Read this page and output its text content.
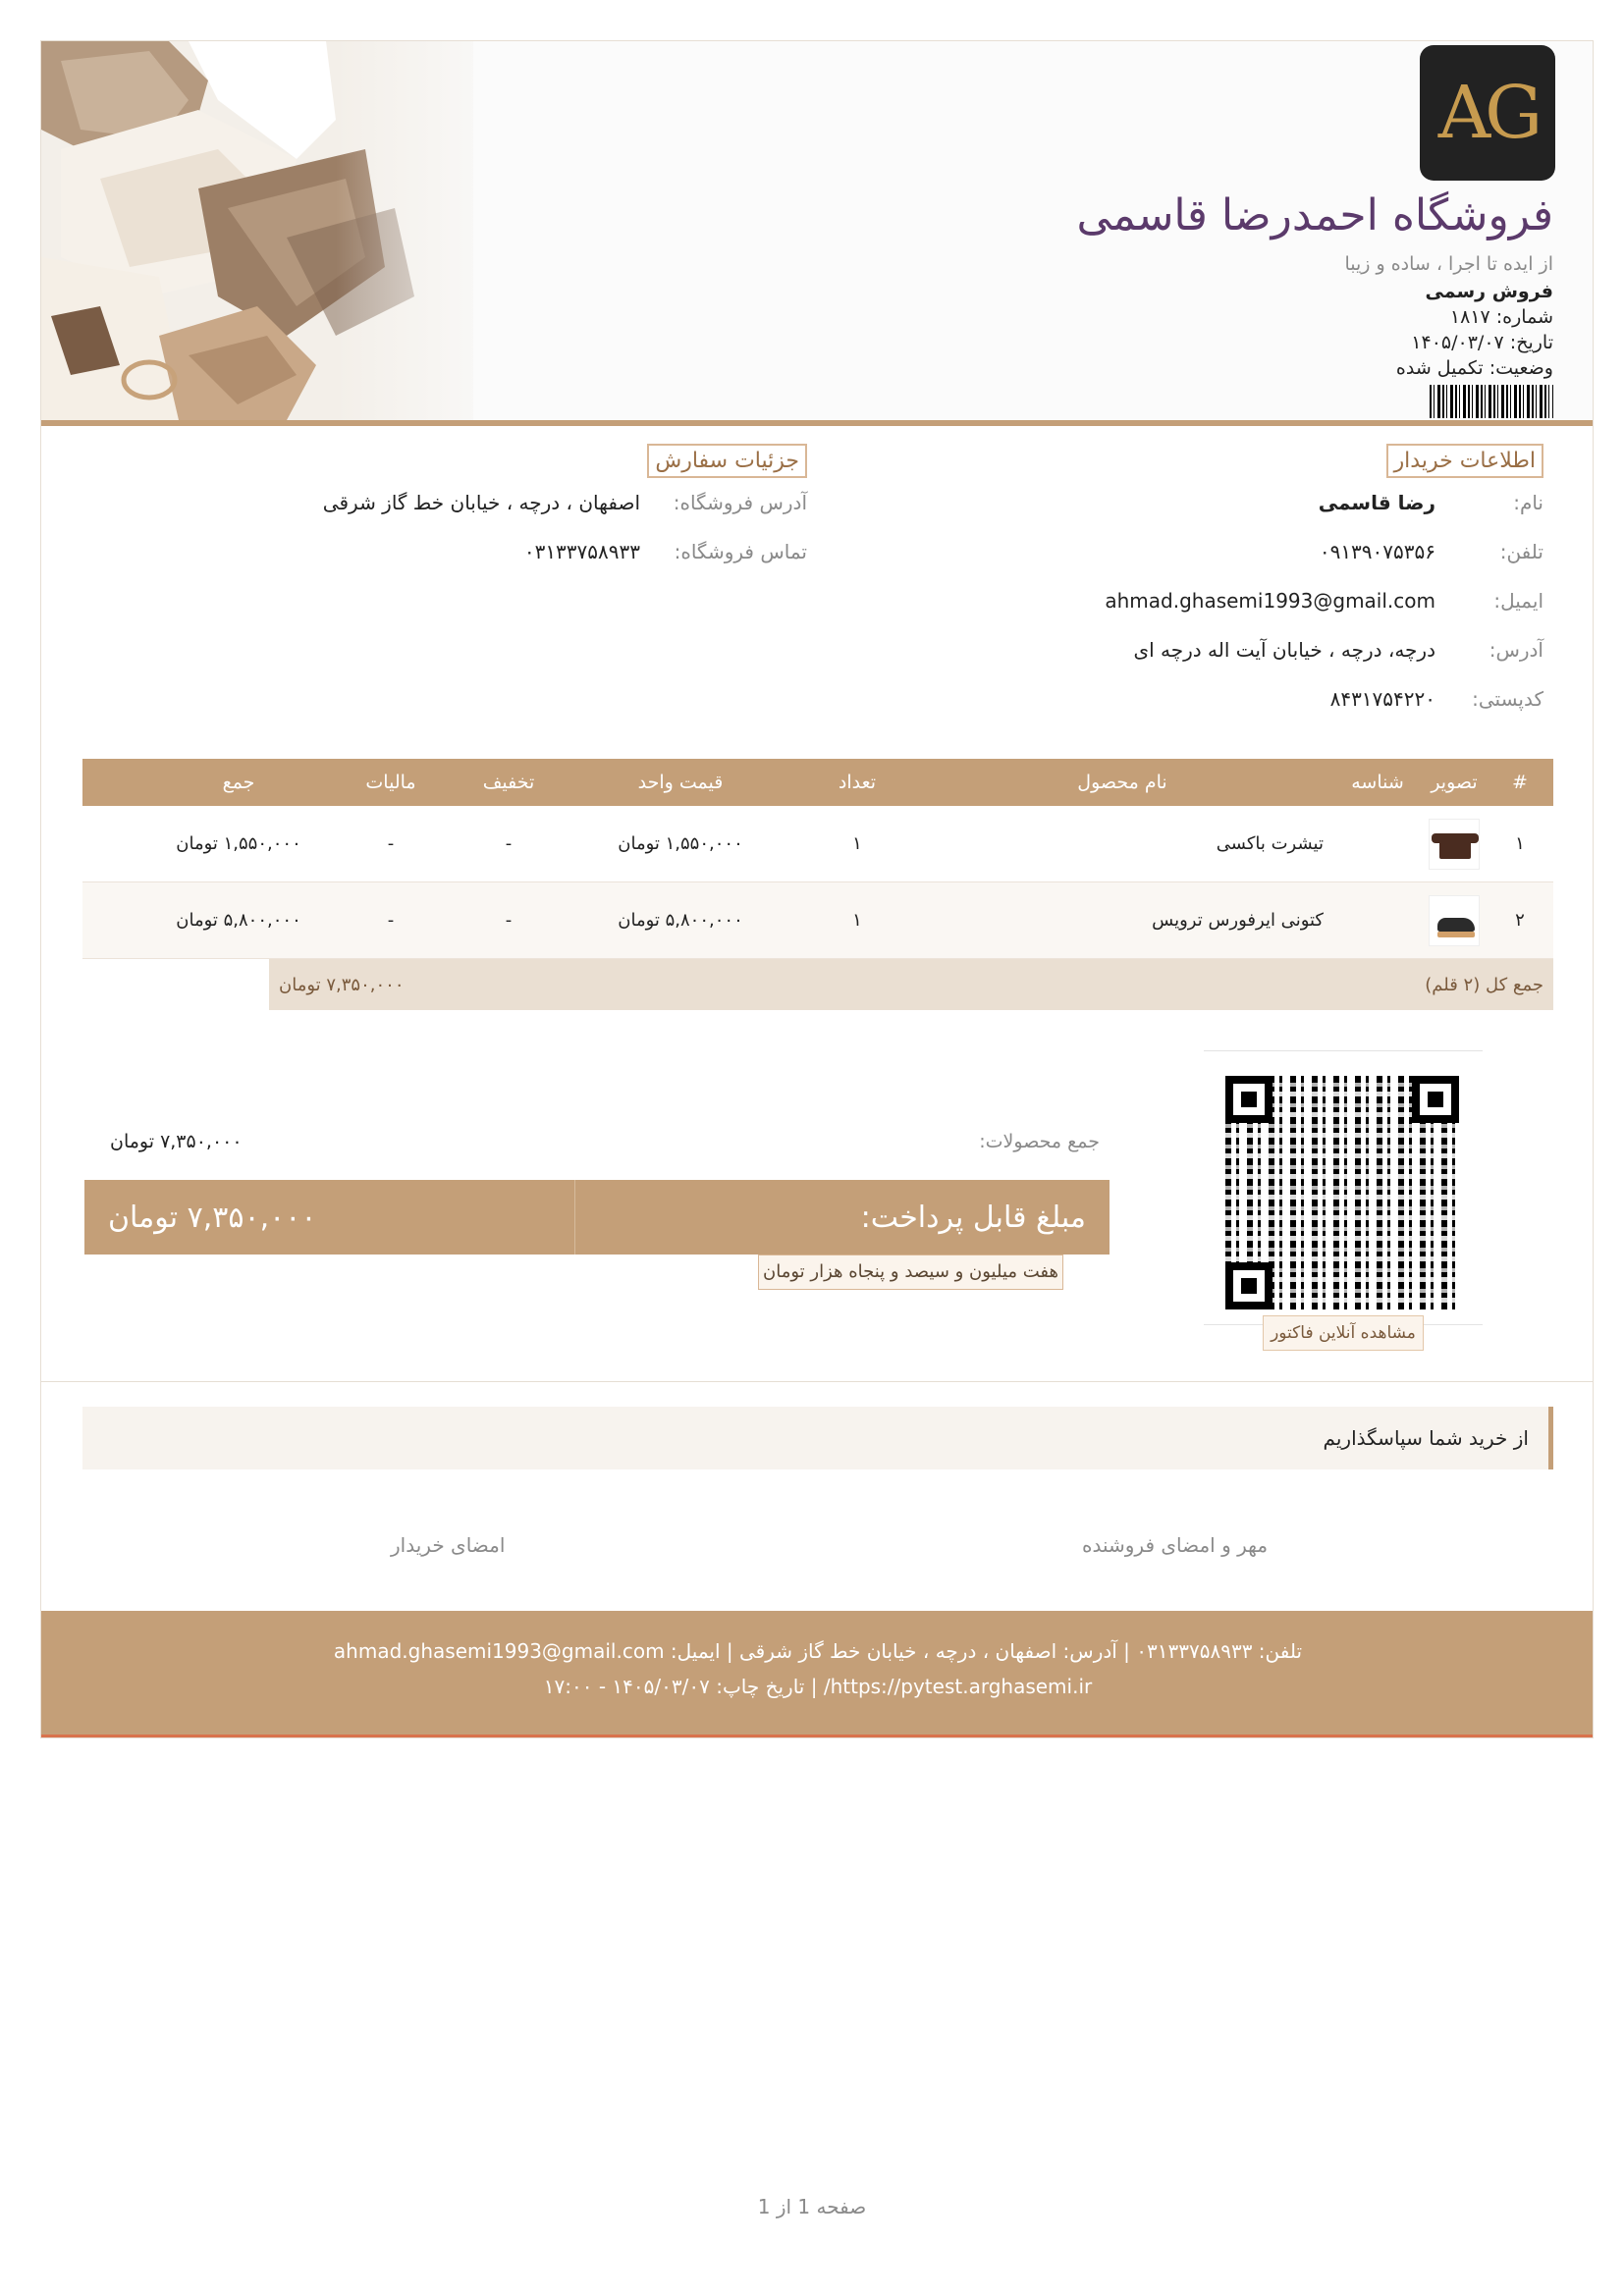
AG
فروشگاه احمدرضا قاسمی
از ایده تا اجرا ، ساده و زیبا
فروش رسمی
شماره: ۱۸۱۷
تاریخ: ۱۴۰۵/۰۳/۰۷
وضعیت: تکمیل شده
اطلاعات خریدار
نام:
رضا قاسمی
تلفن:
۰۹۱۳۹۰۷۵۳۵۶
ایمیل:
ahmad.ghasemi1993@gmail.com
آدرس:
درچه، درچه ، خیابان آیت اله درچه ای
کدپستی:
۸۴۳۱۷۵۴۲۲۰
جزئیات سفارش
آدرس فروشگاه:
اصفهان ، درچه ، خیابان خط گاز شرقی
تماس فروشگاه:
۰۳۱۳۳۷۵۸۹۳۳
#
تصویر
شناسه
نام محصول
تعداد
قیمت واحد
تخفیف
مالیات
جمع
۱
تیشرت باکسی
۱
۱,۵۵۰,۰۰۰ تومان
-
-
۱,۵۵۰,۰۰۰ تومان
۲
کتونی ایرفورس ترویس
۱
۵,۸۰۰,۰۰۰ تومان
-
-
۵,۸۰۰,۰۰۰ تومان
جمع کل (۲ قلم)
۷,۳۵۰,۰۰۰ تومان
مشاهده آنلاین فاکتور
جمع محصولات:
۷,۳۵۰,۰۰۰ تومان
مبلغ قابل پرداخت:
۷,۳۵۰,۰۰۰ تومان
هفت میلیون و سیصد و پنجاه هزار تومان
از خرید شما سپاسگذاریم
مهر و امضای فروشنده
امضای خریدار
تلفن: ۰۳۱۳۳۷۵۸۹۳۳ | آدرس: اصفهان ، درچه ، خیابان خط گاز شرقی | ایمیل: ahmad.ghasemi1993@gmail.com
https://pytest.arghasemi.ir/ | تاریخ چاپ: ۱۴۰۵/۰۳/۰۷ - ۱۷:۰۰
صفحه 1 از 1
